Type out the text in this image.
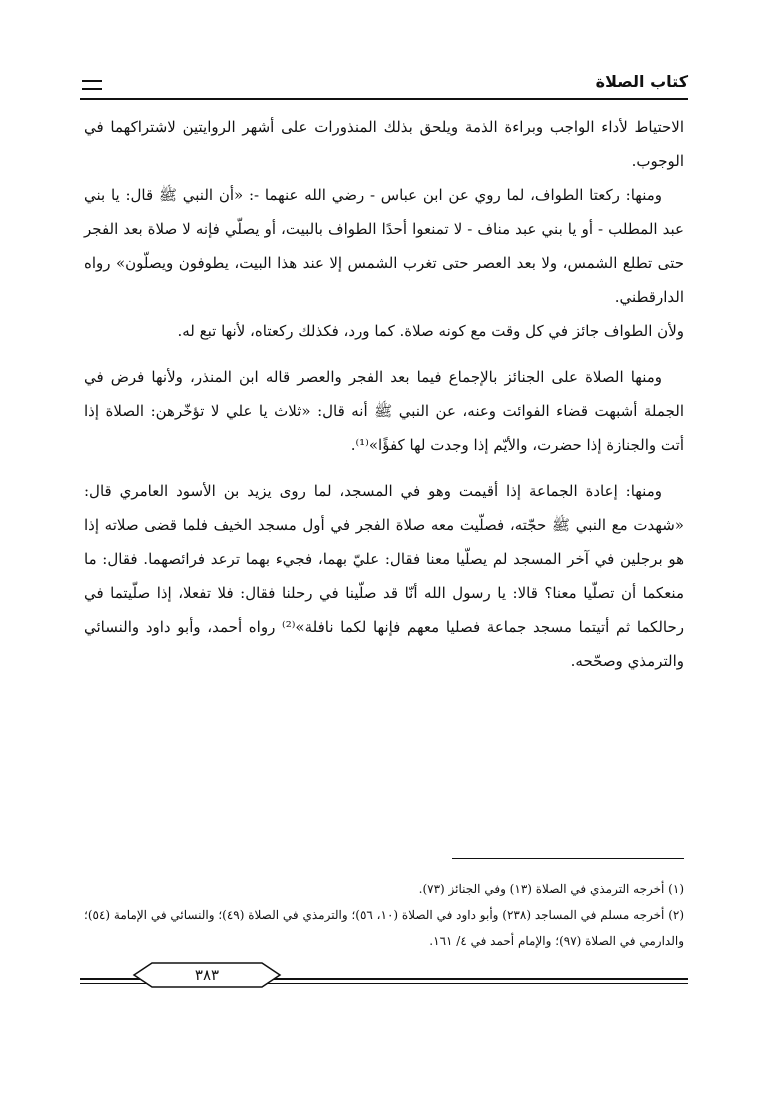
كتاب الصلاة

الاحتياط لأداء الواجب وبراءة الذمة ويلحق بذلك المنذورات على أشهر الروايتين لاشتراكهما في الوجوب.

ومنها: ركعتا الطواف، لما روي عن ابن عباس - رضي الله عنهما -: «أن النبي ﷺ قال: يا بني عبد المطلب - أو يا بني عبد مناف - لا تمنعوا أحدًا الطواف بالبيت، أو يصلّي فإنه لا صلاة بعد الفجر حتى تطلع الشمس، ولا بعد العصر حتى تغرب الشمس إلا عند هذا البيت، يطوفون ويصلّون» رواه الدارقطني.

ولأن الطواف جائز في كل وقت مع كونه صلاة. كما ورد، فكذلك ركعتاه، لأنها تبع له.

ومنها الصلاة على الجنائز بالإجماع فيما بعد الفجر والعصر قاله ابن المنذر، ولأنها فرض في الجملة أشبهت قضاء الفوائت وعنه، عن النبي ﷺ أنه قال: «ثلاث يا علي لا تؤخّرهن: الصلاة إذا أتت والجنازة إذا حضرت، والأيّم إذا وجدت لها كفؤًا»⁽¹⁾.

ومنها: إعادة الجماعة إذا أقيمت وهو في المسجد، لما روى يزيد بن الأسود العامري قال: «شهدت مع النبي ﷺ حجّته، فصلّيت معه صلاة الفجر في أول مسجد الخيف فلما قضى صلاته إذا هو برجلين في آخر المسجد لم يصلّيا معنا فقال: عليّ بهما، فجيء بهما ترعد فرائصهما. فقال: ما منعكما أن تصلّيا معنا؟ قالا: يا رسول الله أنّا قد صلّينا في رحلنا فقال: فلا تفعلا، إذا صلّيتما في رحالكما ثم أتيتما مسجد جماعة فصليا معهم فإنها لكما نافلة»⁽²⁾ رواه أحمد، وأبو داود والنسائي والترمذي وصحّحه.

(١) أخرجه الترمذي في الصلاة (١٣) وفي الجنائز (٧٣).

(٢) أخرجه مسلم في المساجد (٢٣٨) وأبو داود في الصلاة (١٠، ٥٦)؛ والترمذي في الصلاة (٤٩)؛ والنسائي في الإمامة (٥٤)؛ والدارمي في الصلاة (٩٧)؛ والإمام أحمد في ٤/ ١٦١.

٣٨٣
